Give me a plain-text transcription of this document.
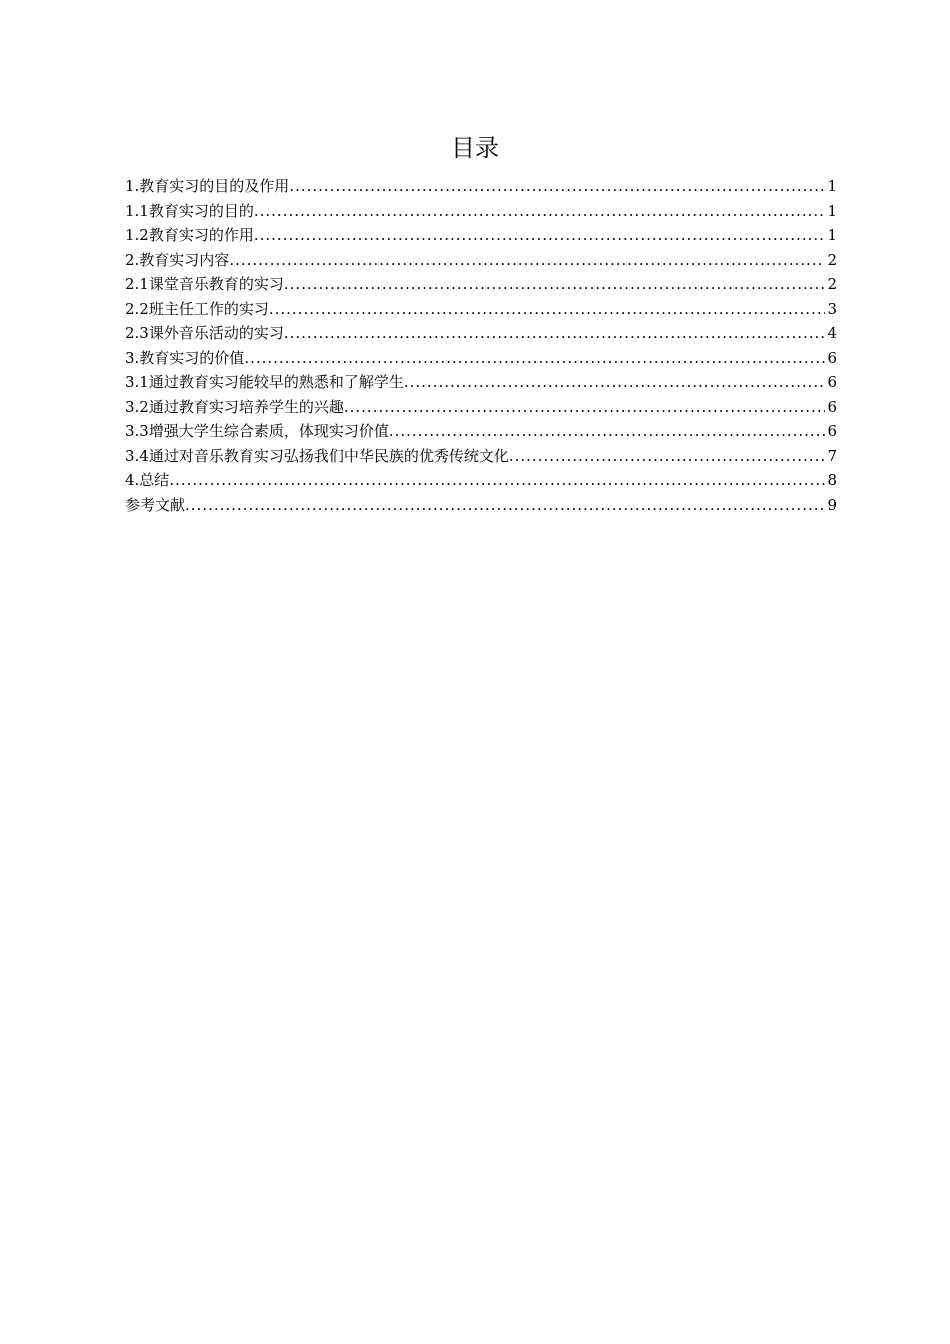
目录
1.教育实习的目的及作用 .....	1
1.1教育实习的目的 .....	1
1.2教育实习的作用 .....	1
2.教育实习内容 .....	2
2.1课堂音乐教育的实习 .....	2
2.2班主任工作的实习 .....	3
2.3课外音乐活动的实习 .....	4
3.教育实习的价值 .....	6
3.1通过教育实习能较早的熟悉和了解学生 .....	6
3.2通过教育实习培养学生的兴趣 .....	6
3.3增强大学生综合素质，体现实习价值 .....	6
3.4通过对音乐教育实习弘扬我们中华民族的优秀传统文化 .....	7
4.总结 .....	8
参考文献 .....	9
